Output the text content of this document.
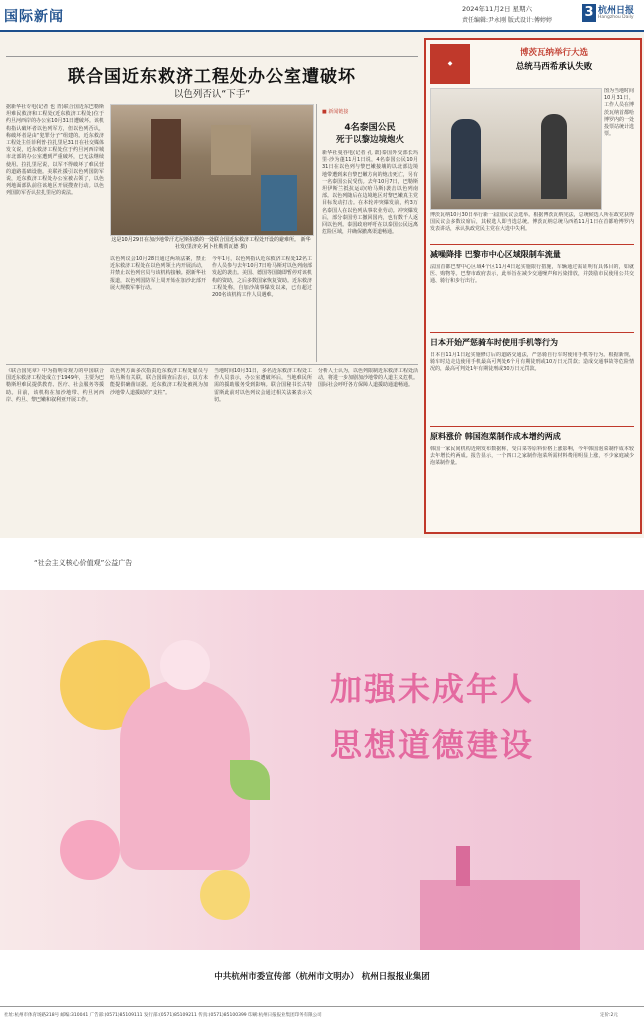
国际新闻	2024年11月2日 星期六
责任编辑:尹永刚 版式设计:傅婷婷
3 杭州日报
Hangzhou Daily
联合国近东救济工程处办公室遭破坏
以色列否认“下手”
据新华社专电(记者 也 青)联合国近东巴勒斯坦难民救济和工程处(近东救济工程处)位于约旦河西岸的办公室10月31日遭破坏。该机构指认破坏者以色列军方，但以色列否认，称破坏者是由“犯罪分子”组建的。近东救济工程处主任菲利普·拉扎里尼31日在社交媒体发文说，近东救济工程处位于约旦河西岸城市北部的办公室遭到严重破坏，已无法继续使用。拉扎里尼说，以军不得破坏了难民营的道路基础设施。美联社援引以色列国防军说，近东救济工程处办公室被占领了，以色列地面部队前往该地区开展搜查行动。以色列国防军否认拉扎里尼的说法。
这是10月29日在加沙地带汗尤尼斯拍摄的一处联合国近东救济工程处开设的避难所。 新华社发(里济克·阿卜杜勒贾瓦德 摄)
以色列议会10月28日通过两项法案，禁止近东救济工程处在以色列领土内开展活动，并禁止以色列官员与该机构接触。据新华社报道，以色列国防军上周开始在加沙北部开展大规模军事行动。
今年1月，以色列指认近东救济工程处12名工作人员参与去年10月7日哈马斯对以色列南部发起的袭击。美国、德国等国随即暂停对该机构的资助，之后多数国家恢复资助。近东救济工程处称，自加沙战事爆发以来，已有超过200名该机构工作人员遇难。
■ 新闻链接
4名泰国公民
死于以黎边境炮火
新华社曼谷电(记者 孔 歆)泰国外交部长玛里·沙为蓬11月1日说，4名泰国公民10月31日在以色列与黎巴嫩接壤的以北部边境地带遭到来自黎巴嫩方向的炮击死亡，另有一名泰国公民受伤。去年10月7日，巴勒斯坦伊斯兰抵抗运动(哈马斯)袭击以色列南部。以色列随后在边境地区对黎巴嫩真主党目标发动打击。在本轮冲突爆发前，约3万名泰国人在以色列从事农业劳动。冲突爆发后，部分泰国劳工撤回国内，也有数千人返回以色列。泰国政府呼吁在以泰国公民远离危险区域，并确保撤离渠道畅通。
《联合国宪章》中为指明奇观力的中国联合国近东救济工程处成立于1949年，主要为巴勒斯坦难民提供教育、医疗、社会服务等援助。目前，该机构在加沙地带、约旦河西岸、约旦、黎巴嫩和叙利亚开展工作。
以色列方面多次指责近东救济工程处雇员与哈马斯有关联，联合国调查后表示，以方未能提供确凿证据。近东救济工程处被视为加沙地带人道援助的“支柱”。
当地时间10月31日，多名近东救济工程处工作人员表示，办公室遭破坏后，当地难民所需的援助服务受到影响。联合国秘书长古特雷斯此前对以色列议会通过相关法案表示关切。
分析人士认为，以色列限制近东救济工程处活动，将进一步加剧加沙地带的人道主义危机。国际社会呼吁各方保障人道援助通道畅通。
◆
博茨瓦纳举行大选
总统马西希承认失败
图为当地时间10月31日，工作人员在博茨瓦纳首都哈博罗内的一处投票站统计选票。
博茨瓦纳10月30日举行新一届国民议会选举。根据博茨瓦纳宪法，总统候选人所在政党获得国民议会多数议席后，其候选人即当选总统。博茨瓦纳总统马西希11月1日在首都哈博罗内发表讲话，承认执政党民主党在大选中失利。
减噪降排 巴黎市中心区域限制车流量
法国首都巴黎中心区域4个区11月4日起实施限行措施，车辆通过需证明有具体目的，如就医、购物等。巴黎市政府表示，此举旨在减少交通噪声和污染排放，并鼓励市民使用公共交通、骑行和步行出行。
日本开始严惩骑车时使用手机等行为
日本自11月1日起实施修订后的道路交通法，严惩骑自行车时使用手机等行为。根据新规，骑车时边走边使用手机最高可判处6个月有期徒刑或10万日元罚款；造成交通事故等危险情况的，最高可判处1年有期徒刑或30万日元罚款。
原料涨价 韩国泡菜制作成本增约两成
韩国一家民间机构近期发布数据称，受白菜等原料价格上涨影响，今年韩国泡菜制作成本较去年增长约两成。报告显示，一个四口之家制作泡菜所需材料费用明显上涨，不少家庭减少泡菜制作量。
“社会主义核心价值观”公益广告
加强未成年人
思想道德建设
中共杭州市委宣传部（杭州市文明办） 杭州日报报业集团
社址:杭州市体育场路218号 邮编:310041 广告部:(0571)85109111 发行部:(0571)85109211 传真:(0571)85100399 印刷:杭州日报报业集团印务有限公司	定价:2元
